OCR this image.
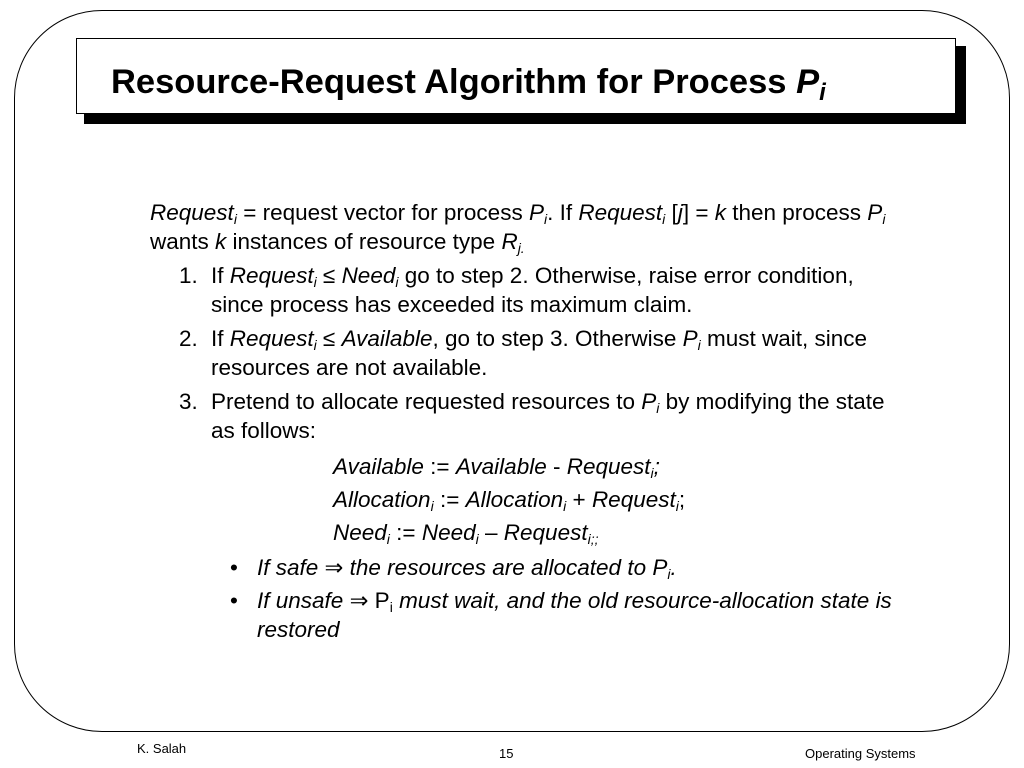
Resource-Request Algorithm for Process $P_i$

Request$_i$ = request vector for process $P_i$. If Request$_i$ [j] = k then process $P_i$ wants k instances of resource type $R_{j.}$

1. If Request$_i$ ≤ Need$_i$ go to step 2. Otherwise, raise error condition, since process has exceeded its maximum claim.
2. If Request$_i$ ≤ Available, go to step 3. Otherwise $P_i$ must wait, since resources are not available.
3. Pretend to allocate requested resources to $P_i$ by modifying the state as follows:
Available := Available - Request$_i$;
Allocation$_i$ := Allocation$_i$ + Request$_i$;
Need$_i$ := Need$_i$ – Request$_{i;;}$
• If safe ⇒ the resources are allocated to $P_i$.
• If unsafe ⇒ $P_i$ must wait, and the old resource-allocation state is restored
K. Salah	15	Operating Systems
